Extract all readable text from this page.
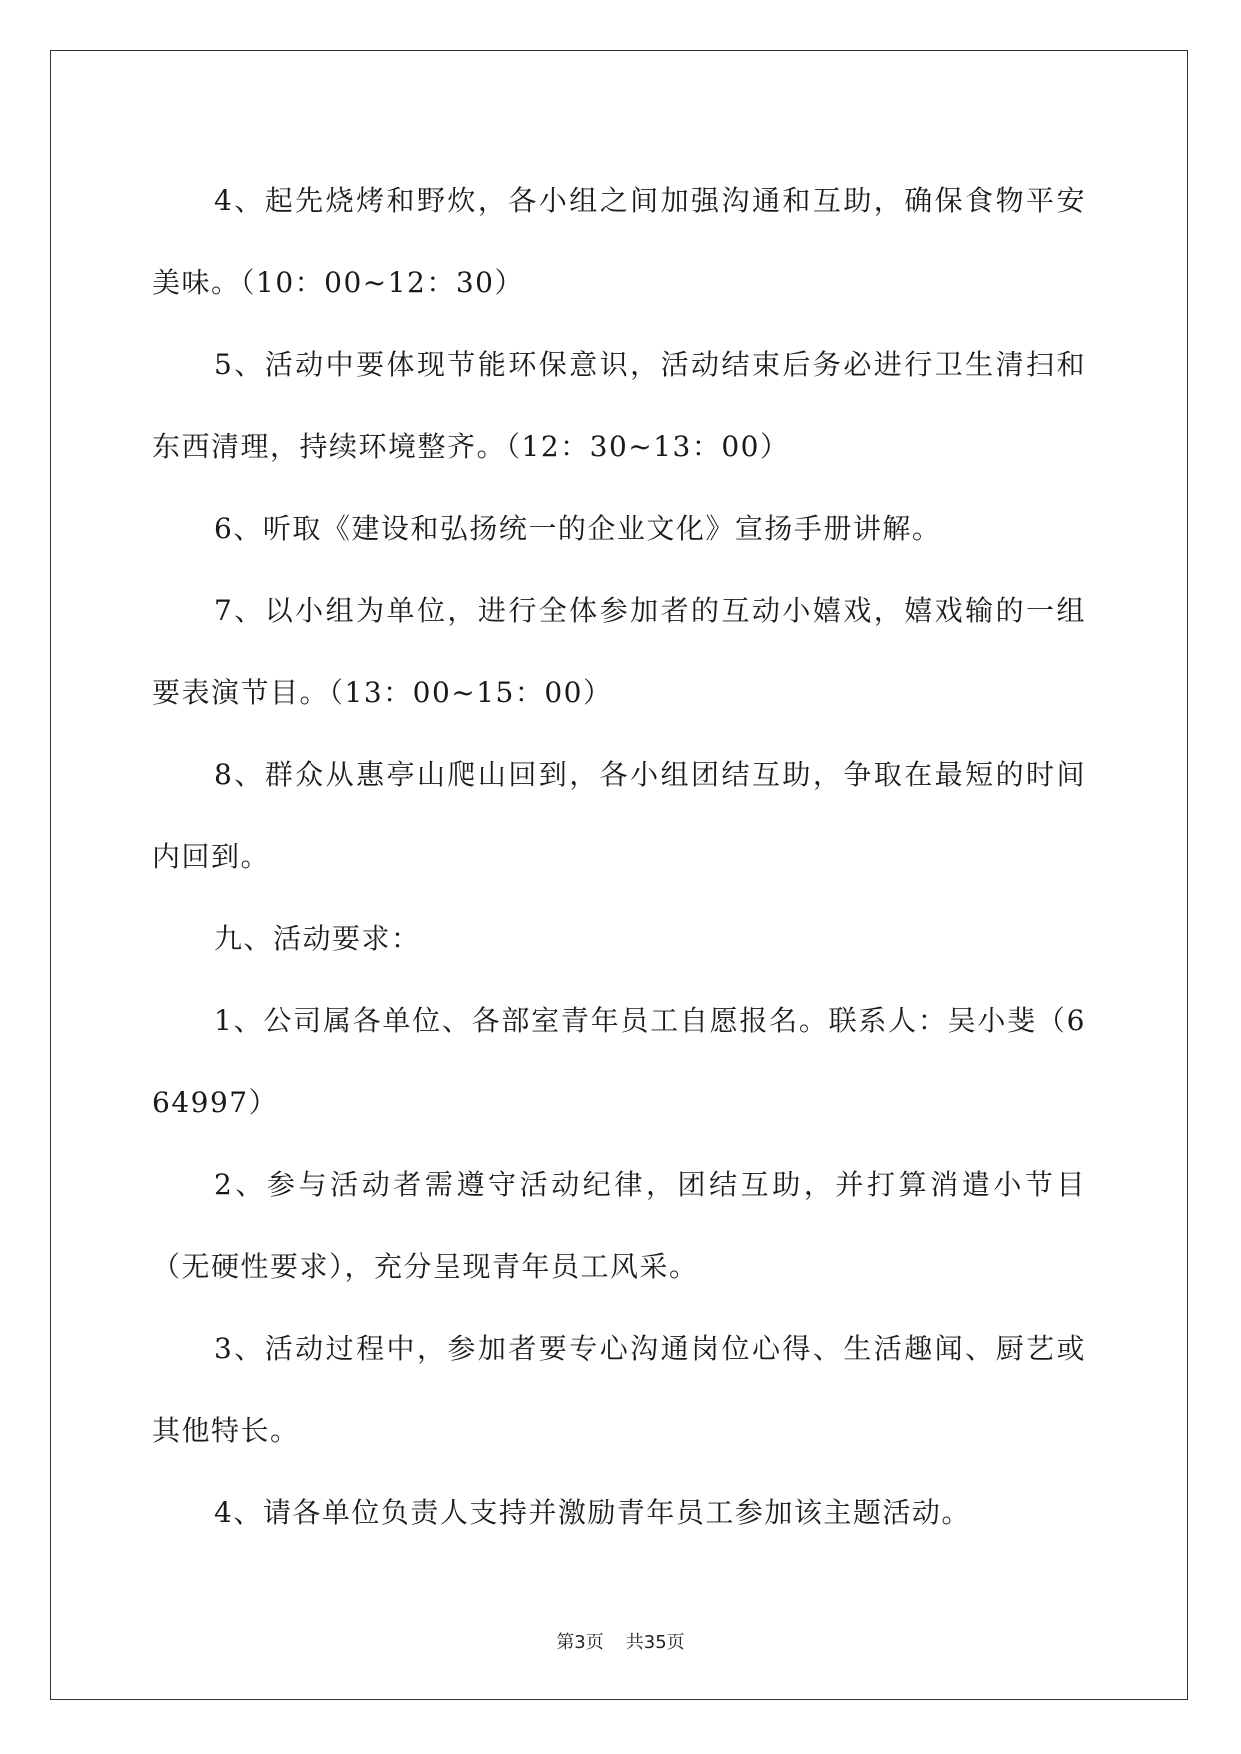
4、起先烧烤和野炊，各小组之间加强沟通和互助，确保食物平安美味。（10：00~12：30）

5、活动中要体现节能环保意识，活动结束后务必进行卫生清扫和东西清理，持续环境整齐。（12：30~13：00）

6、听取《建设和弘扬统一的企业文化》宣扬手册讲解。

7、以小组为单位，进行全体参加者的互动小嬉戏，嬉戏输的一组要表演节目。（13：00~15：00）

8、群众从惠亭山爬山回到，各小组团结互助，争取在最短的时间内回到。

九、活动要求：

1、公司属各单位、各部室青年员工自愿报名。联系人：吴小斐（664997）

2、参与活动者需遵守活动纪律，团结互助，并打算消遣小节目（无硬性要求），充分呈现青年员工风采。

3、活动过程中，参加者要专心沟通岗位心得、生活趣闻、厨艺或其他特长。

4、请各单位负责人支持并激励青年员工参加该主题活动。

第3页 共35页
